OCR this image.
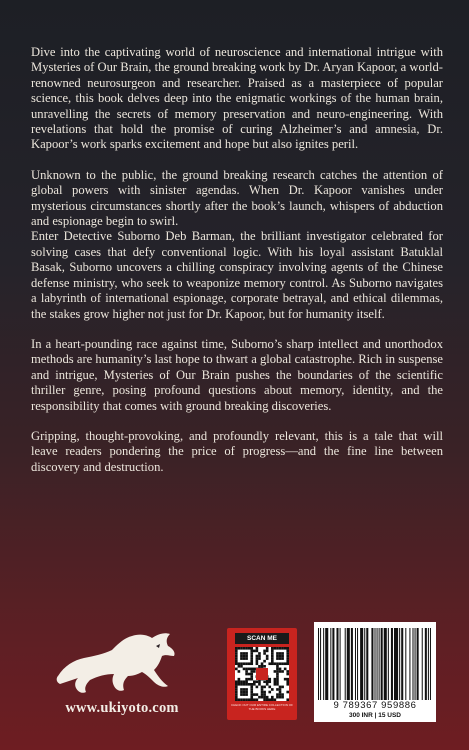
Dive into the captivating world of neuroscience and international intrigue with Mysteries of Our Brain, the ground breaking work by Dr. Aryan Kapoor, a world-renowned neurosurgeon and researcher. Praised as a masterpiece of popular science, this book delves deep into the enigmatic workings of the human brain, unravelling the secrets of memory preservation and neuro-engineering. With revelations that hold the promise of curing Alzheimer’s and amnesia, Dr. Kapoor’s work sparks excitement and hope but also ignites peril.

Unknown to the public, the ground breaking research catches the attention of global powers with sinister agendas. When Dr. Kapoor vanishes under mysterious circumstances shortly after the book’s launch, whispers of abduction and espionage begin to swirl.

Enter Detective Suborno Deb Barman, the brilliant investigator celebrated for solving cases that defy conventional logic. With his loyal assistant Batuklal Basak, Suborno uncovers a chilling conspiracy involving agents of the Chinese defense ministry, who seek to weaponize memory control. As Suborno navigates a labyrinth of international espionage, corporate betrayal, and ethical dilemmas, the stakes grow higher not just for Dr. Kapoor, but for humanity itself.

In a heart-pounding race against time, Suborno’s sharp intellect and unorthodox methods are humanity’s last hope to thwart a global catastrophe. Rich in suspense and intrigue, Mysteries of Our Brain pushes the boundaries of the scientific thriller genre, posing profound questions about memory, identity, and the responsibility that comes with ground breaking discoveries.

Gripping, thought-provoking, and profoundly relevant, this is a tale that will leave readers pondering the price of progress—and the fine line between discovery and destruction.

www.ukiyoto.com
SCAN ME
CHECK OUT OUR ENTIRE COLLECTION OF THE BOOKS HERE	9 789367 959886
300 INR | 15 USD
